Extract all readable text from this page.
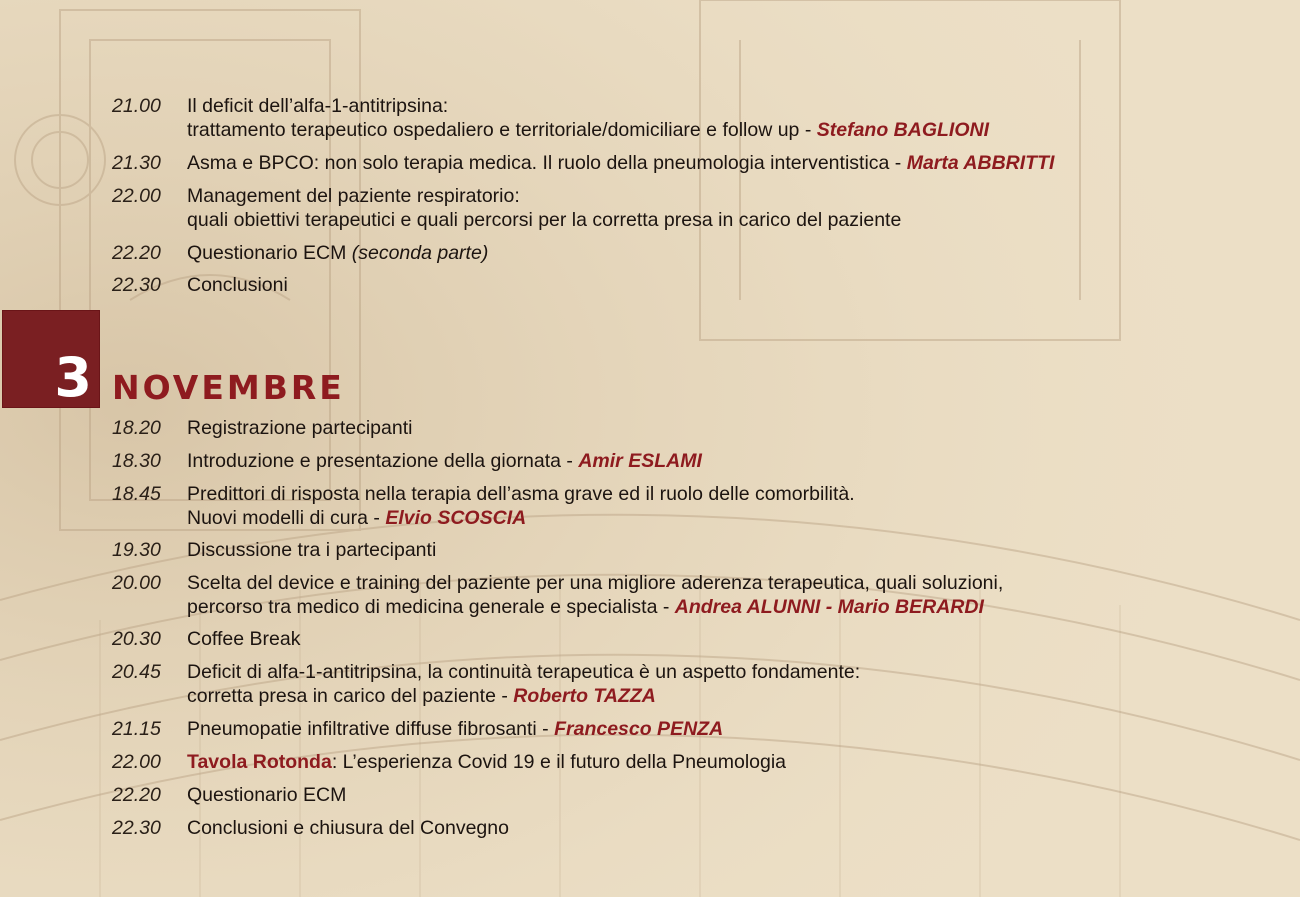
21.00	Il deficit dell’alfa-1-antitripsina:
trattamento terapeutico ospedaliero e territoriale/domiciliare e follow up - Stefano BAGLIONI
21.30	Asma e BPCO: non solo terapia medica. Il ruolo della pneumologia interventistica - Marta ABBRITTI
22.00	Management del paziente respiratorio:
quali obiettivi terapeutici e quali percorsi per la corretta presa in carico del paziente
22.20	Questionario ECM (seconda parte)
22.30	Conclusioni
3 NOVEMBRE
18.20	Registrazione partecipanti
18.30	Introduzione e presentazione della giornata - Amir ESLAMI
18.45	Predittori di risposta nella terapia dell’asma grave ed il ruolo delle comorbilità.
Nuovi modelli di cura - Elvio SCOSCIA
19.30	Discussione tra i partecipanti
20.00	Scelta del device e training del paziente per una migliore aderenza terapeutica, quali soluzioni,
percorso tra medico di medicina generale e specialista - Andrea ALUNNI - Mario BERARDI
20.30	Coffee Break
20.45	Deficit di alfa-1-antitripsina, la continuità terapeutica è un aspetto fondamente:
corretta presa in carico del paziente - Roberto TAZZA
21.15	Pneumopatie infiltrative diffuse fibrosanti - Francesco PENZA
22.00	Tavola Rotonda: L’esperienza Covid 19 e il futuro della Pneumologia
22.20	Questionario ECM
22.30	Conclusioni e chiusura del Convegno
